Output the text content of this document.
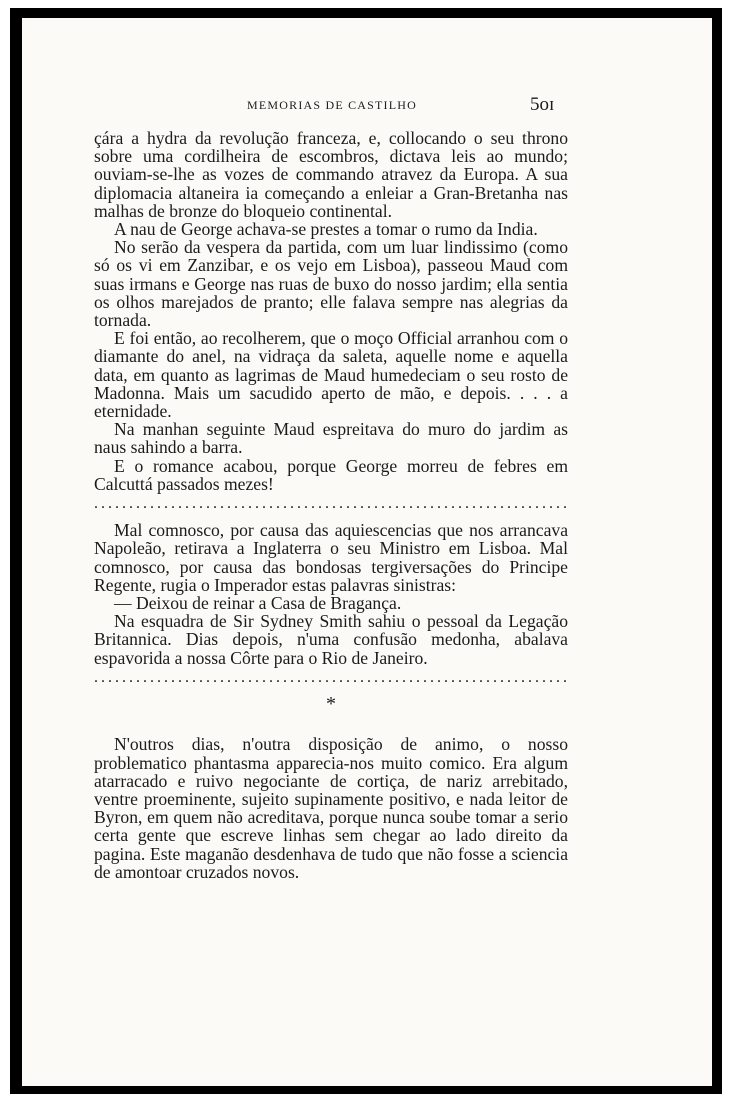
MEMORIAS DE CASTILHO	5oɪ

çára a hydra da revolução franceza, e, collocando o seu throno sobre uma cordilheira de escombros, dictava leis ao mundo; ouviam-se-lhe as vozes de commando atravez da Europa. A sua diplomacia altaneira ia começando a enleiar a Gran-Bretanha nas malhas de bronze do bloqueio continental.

A nau de George achava-se prestes a tomar o rumo da India.

No serão da vespera da partida, com um luar lindissimo (como só os vi em Zanzibar, e os vejo em Lisboa), passeou Maud com suas irmans e George nas ruas de buxo do nosso jardim; ella sentia os olhos marejados de pranto; elle falava sempre nas alegrias da tornada.

E foi então, ao recolherem, que o moço Official arranhou com o diamante do anel, na vidraça da saleta, aquelle nome e aquella data, em quanto as lagrimas de Maud humedeciam o seu rosto de Madonna. Mais um sacudido aperto de mão, e depois. . . . a eternidade.

Na manhan seguinte Maud espreitava do muro do jardim as naus sahindo a barra.

E o romance acabou, porque George morreu de febres em Calcuttá passados mezes!

.....

Mal comnosco, por causa das aquiescencias que nos arrancava Napoleão, retirava a Inglaterra o seu Ministro em Lisboa. Mal comnosco, por causa das bondosas tergiversações do Principe Regente, rugia o Imperador estas palavras sinistras:

— Deixou de reinar a Casa de Bragança.

Na esquadra de Sir Sydney Smith sahiu o pessoal da Legação Britannica. Dias depois, n'uma confusão medonha, abalava espavorida a nossa Côrte para o Rio de Janeiro.

.....
*

N'outros dias, n'outra disposição de animo, o nosso problematico phantasma apparecia-nos muito comico. Era algum atarracado e ruivo negociante de cortiça, de nariz arrebitado, ventre proeminente, sujeito supinamente positivo, e nada leitor de Byron, em quem não acreditava, porque nunca soube tomar a serio certa gente que escreve linhas sem chegar ao lado direito da pagina. Este maganão desdenhava de tudo que não fosse a sciencia de amontoar cruzados novos.
